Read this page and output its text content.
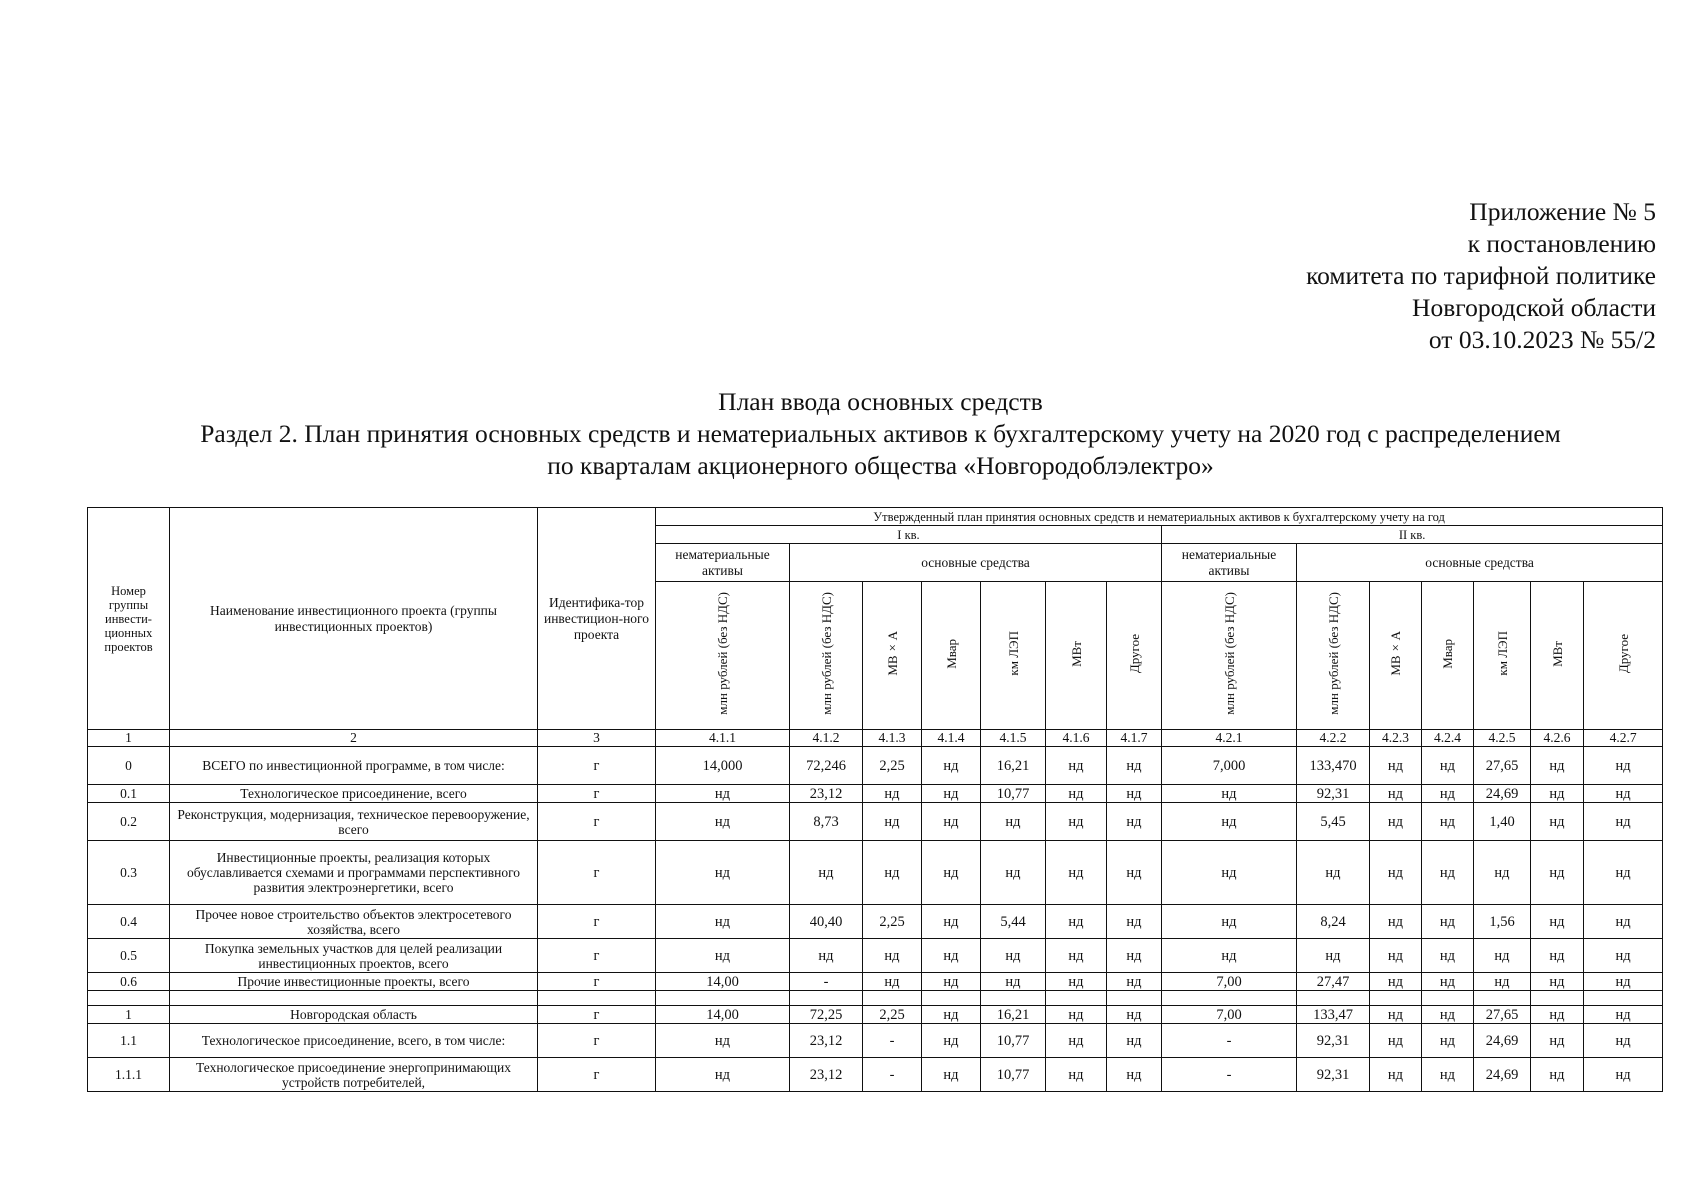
Приложение № 5
к постановлению
комитета по тарифной политике
Новгородской области
от 03.10.2023 № 55/2
План ввода основных средств
Раздел 2. План принятия основных средств и нематериальных активов к бухгалтерскому учету на 2020 год с распределением
по кварталам акционерного общества «Новгородоблэлектро»
Номер группы инвести-ционных проектов	Наименование инвестиционного проекта (группы инвестиционных проектов)	Идентифика-тор инвестицион-ного проекта	Утвержденный план принятия основных средств и нематериальных активов к бухгалтерскому учету на год													
			I кв.							II кв.						
			нематериальные активы	основные средства						нематериальные активы	основные средства					
			млн рублей (без НДС)	млн рублей (без НДС)	МВ×А	Мвар	км ЛЭП	МВт	Другое	млн рублей (без НДС)	млн рублей (без НДС)	МВ×А	Мвар	км ЛЭП	МВт	Другое
1	2	3	4.1.1	4.1.2	4.1.3	4.1.4	4.1.5	4.1.6	4.1.7	4.2.1	4.2.2	4.2.3	4.2.4	4.2.5	4.2.6	4.2.7
0	ВСЕГО по инвестиционной программе, в том числе:	г	14,000	72,246	2,25	нд	16,21	нд	нд	7,000	133,470	нд	нд	27,65	нд	нд
0.1	Технологическое присоединение, всего	г	нд	23,12	нд	нд	10,77	нд	нд	нд	92,31	нд	нд	24,69	нд	нд
0.2	Реконструкция, модернизация, техническое перевооружение, всего	г	нд	8,73	нд	нд	нд	нд	нд	нд	5,45	нд	нд	1,40	нд	нд
0.3	Инвестиционные проекты, реализация которых обуславливается схемами и программами перспективного развития электроэнергетики, всего	г	нд	нд	нд	нд	нд	нд	нд	нд	нд	нд	нд	нд	нд	нд
0.4	Прочее новое строительство объектов электросетевого хозяйства, всего	г	нд	40,40	2,25	нд	5,44	нд	нд	нд	8,24	нд	нд	1,56	нд	нд
0.5	Покупка земельных участков для целей реализации инвестиционных проектов, всего	г	нд	нд	нд	нд	нд	нд	нд	нд	нд	нд	нд	нд	нд	нд
0.6	Прочие инвестиционные проекты, всего	г	14,00	-	нд	нд	нд	нд	нд	7,00	27,47	нд	нд	нд	нд	нд

1	Новгородская область	г	14,00	72,25	2,25	нд	16,21	нд	нд	7,00	133,47	нд	нд	27,65	нд	нд
1.1	Технологическое присоединение, всего, в том числе:	г	нд	23,12	-	нд	10,77	нд	нд	-	92,31	нд	нд	24,69	нд	нд
1.1.1	Технологическое присоединение энергопринимающих устройств потребителей,	г	нд	23,12	-	нд	10,77	нд	нд	-	92,31	нд	нд	24,69	нд	нд
